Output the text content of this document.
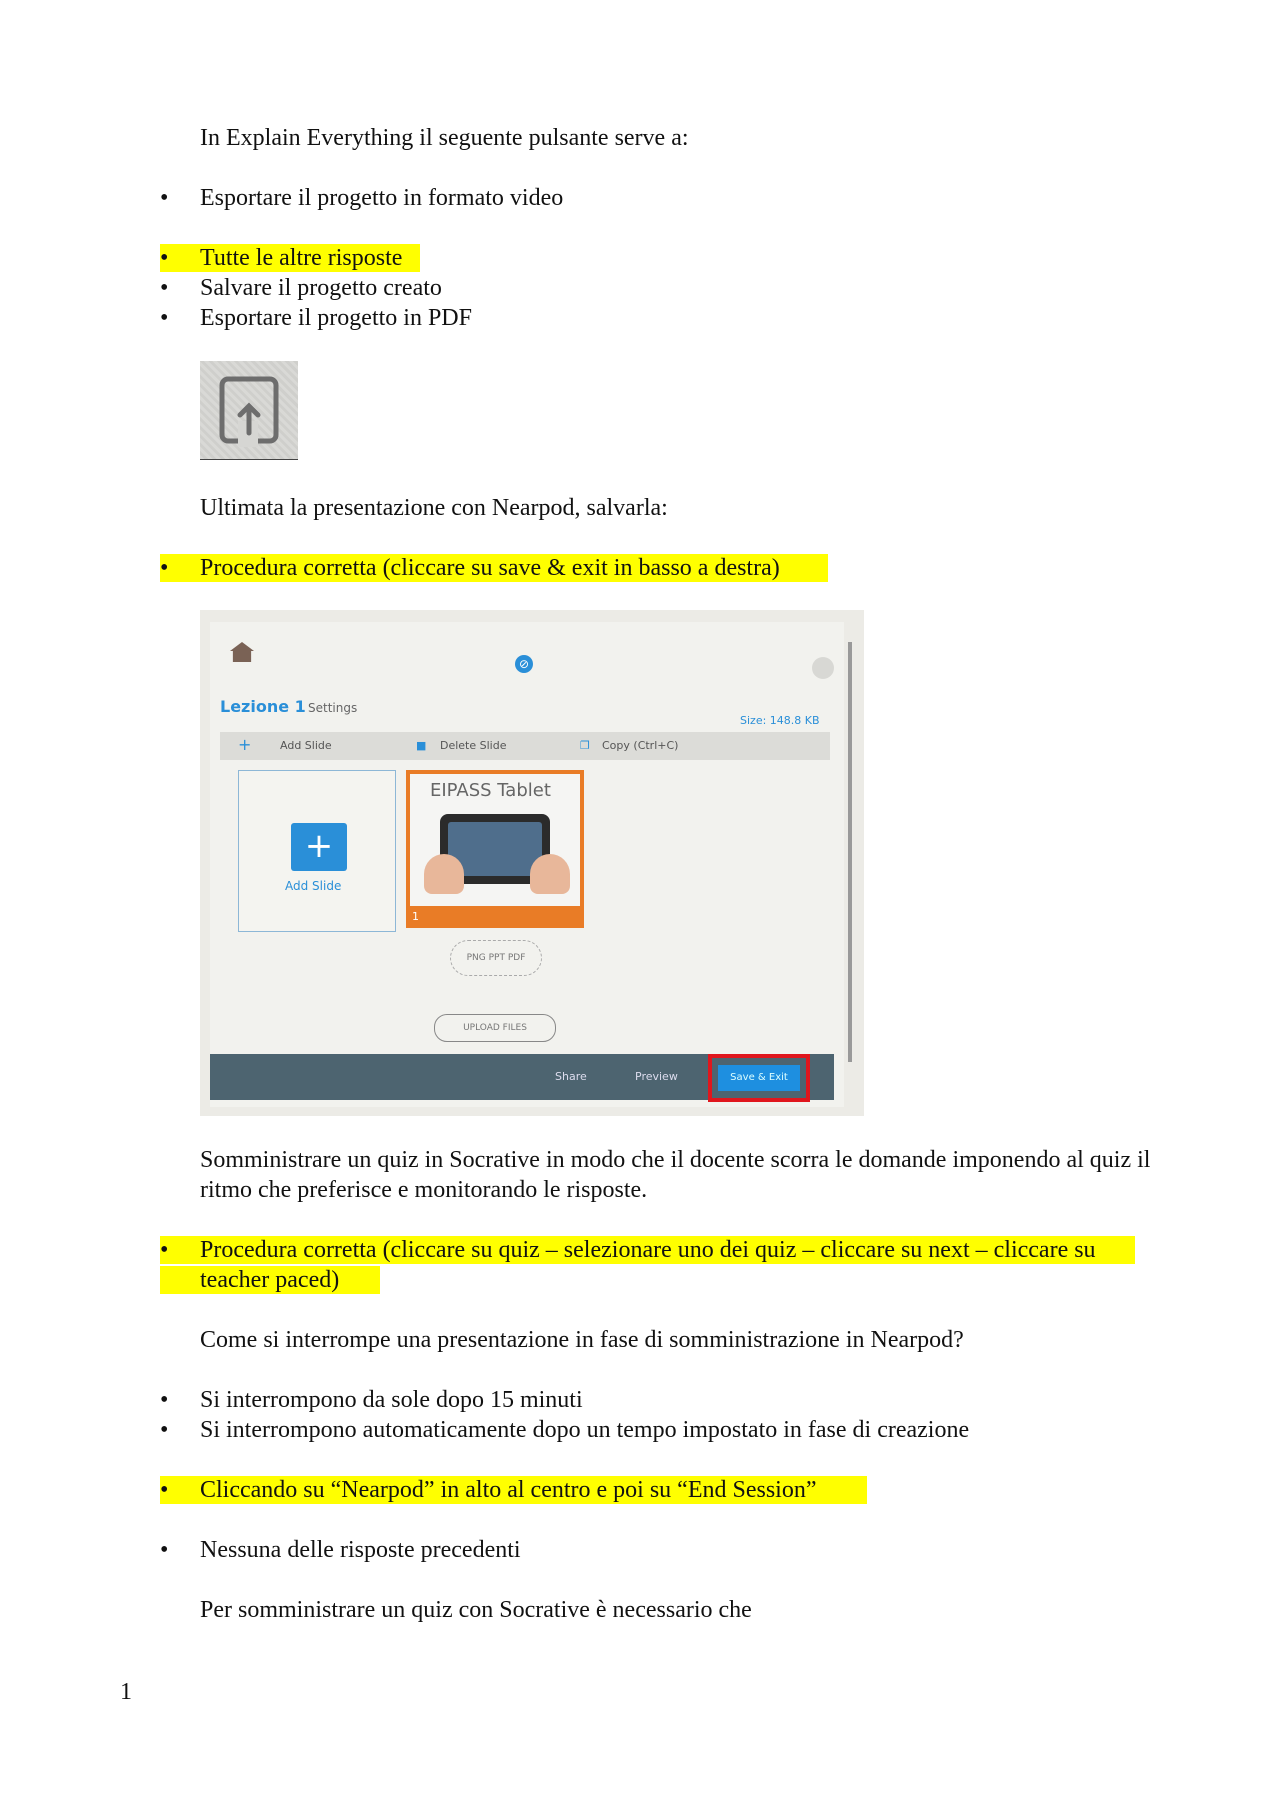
In Explain Everything il seguente pulsante serve a:
• Esportare il progetto in formato video
• Tutte le altre risposte
• Salvare il progetto creato
• Esportare il progetto in PDF
Ultimata la presentazione con Nearpod, salvarla:
• Procedura corretta (cliccare su save & exit in basso a destra)
⊘
Lezione 1 Settings
Size: 148.8 KB
+	Add Slide	■ Delete Slide	❐ Copy (Ctrl+C)
+
Add Slide
EIPASS Tablet
1
PNG PPT PDF
UPLOAD FILES
Share	Preview	Save & Exit
Somministrare un quiz in Socrative in modo che il docente scorra le domande imponendo al quiz il ritmo che preferisce e monitorando le risposte.
• Procedura corretta (cliccare su quiz – selezionare uno dei quiz – cliccare su next – cliccare su teacher paced)
Come si interrompe una presentazione in fase di somministrazione in Nearpod?
• Si interrompono da sole dopo 15 minuti
• Si interrompono automaticamente dopo un tempo impostato in fase di creazione
• Cliccando su “Nearpod” in alto al centro e poi su “End Session”
• Nessuna delle risposte precedenti
Per somministrare un quiz con Socrative è necessario che
1
